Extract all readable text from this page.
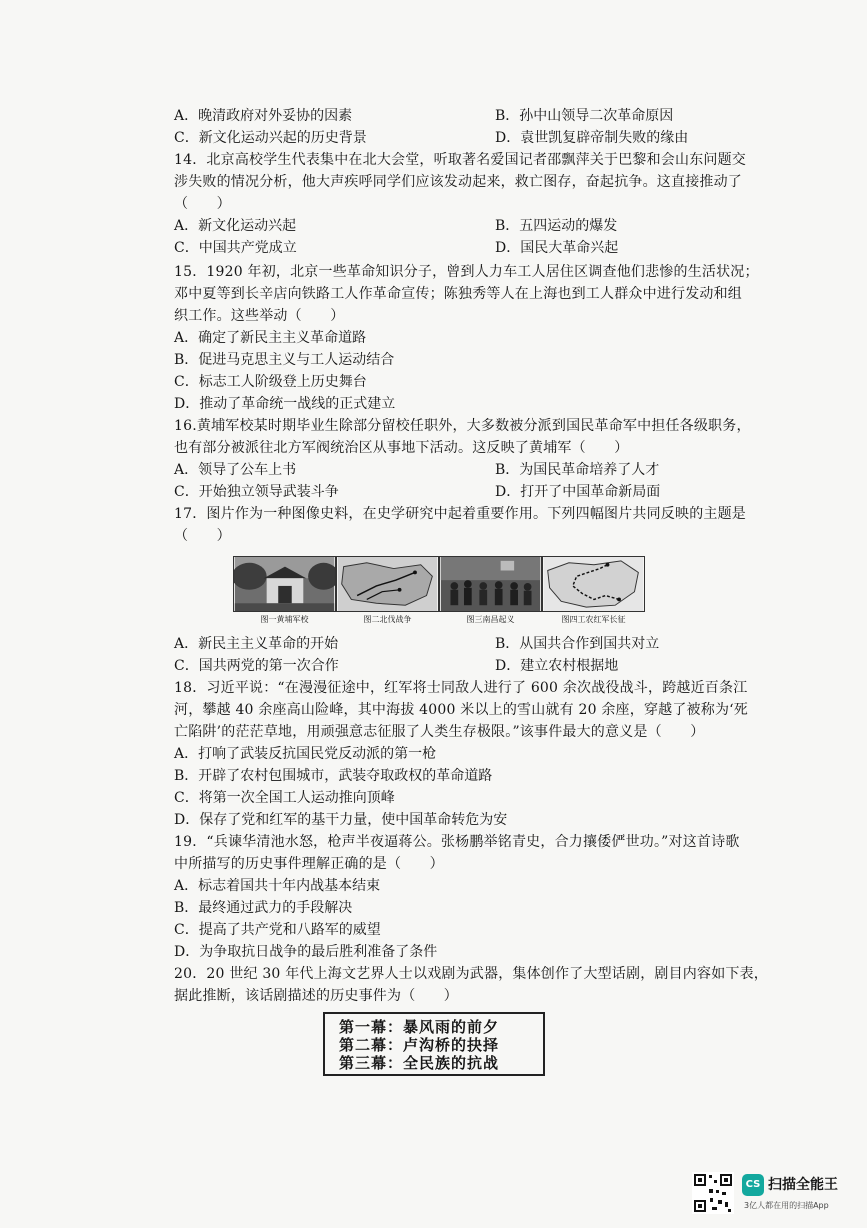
A．晚清政府对外妥协的因素	B．孙中山领导二次革命原因
C．新文化运动兴起的历史背景	D．袁世凯复辟帝制失败的缘由
14．北京高校学生代表集中在北大会堂，听取著名爱国记者邵飘萍关于巴黎和会山东问题交
涉失败的情况分析，他大声疾呼同学们应该发动起来，救亡图存，奋起抗争。这直接推动了
（　　）
A．新文化运动兴起	B．五四运动的爆发
C．中国共产党成立	D．国民大革命兴起
15．1920 年初，北京一些革命知识分子，曾到人力车工人居住区调查他们悲惨的生活状况；
邓中夏等到长辛店向铁路工人作革命宣传；陈独秀等人在上海也到工人群众中进行发动和组
织工作。这些举动（　　）
A．确定了新民主主义革命道路
B．促进马克思主义与工人运动结合
C．标志工人阶级登上历史舞台
D．推动了革命统一战线的正式建立
16.黄埔军校某时期毕业生除部分留校任职外，大多数被分派到国民革命军中担任各级职务，
也有部分被派往北方军阀统治区从事地下活动。这反映了黄埔军（　　）
A．领导了公车上书	B．为国民革命培养了人才
C．开始独立领导武装斗争	D．打开了中国革命新局面
17．图片作为一种图像史料，在史学研究中起着重要作用。下列四幅图片共同反映的主题是
（　　）
图一黄埔军校	图二北伐战争	图三南昌起义	图四工农红军长征
A．新民主主义革命的开始	B．从国共合作到国共对立
C．国共两党的第一次合作	D．建立农村根据地
18．习近平说：“在漫漫征途中，红军将士同敌人进行了 600 余次战役战斗，跨越近百条江
河，攀越 40 余座高山险峰，其中海拔 4000 米以上的雪山就有 20 余座，穿越了被称为‘死
亡陷阱’的茫茫草地，用顽强意志征服了人类生存极限。”该事件最大的意义是（　　）
A．打响了武装反抗国民党反动派的第一枪
B．开辟了农村包围城市，武装夺取政权的革命道路
C．将第一次全国工人运动推向顶峰
D．保存了党和红军的基干力量，使中国革命转危为安
19．“兵谏华清池水怒，枪声半夜逼蒋公。张杨鹏举铭青史，合力攘倭俨世功。”对这首诗歌
中所描写的历史事件理解正确的是（　　）
A．标志着国共十年内战基本结束
B．最终通过武力的手段解决
C．提高了共产党和八路军的威望
D．为争取抗日战争的最后胜利准备了条件
20．20 世纪 30 年代上海文艺界人士以戏剧为武器，集体创作了大型话剧，剧目内容如下表，
据此推断，该话剧描述的历史事件为（　　）
第一幕：暴风雨的前夕
第二幕：卢沟桥的抉择
第三幕：全民族的抗战
CS 扫描全能王
3亿人都在用的扫描App
